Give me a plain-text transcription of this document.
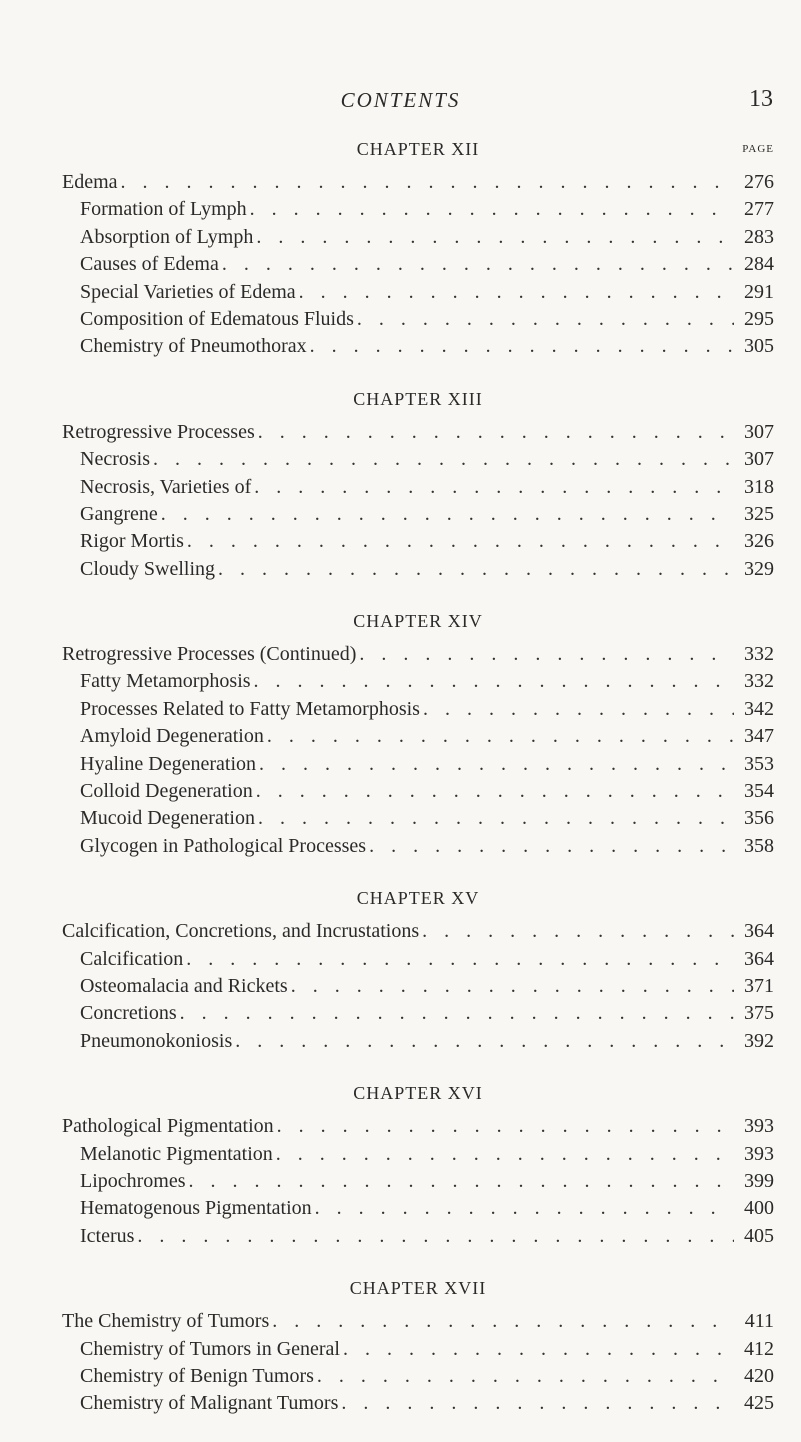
CONTENTS	13
CHAPTER XII	PAGE
Edema . . .	276
Formation of Lymph . . .	277
Absorption of Lymph . . .	283
Causes of Edema . . .	284
Special Varieties of Edema . . .	291
Composition of Edematous Fluids . . .	295
Chemistry of Pneumothorax . . .	305
CHAPTER XIII
Retrogressive Processes . . .	307
Necrosis . . .	307
Necrosis, Varieties of . . .	318
Gangrene . . .	325
Rigor Mortis . . .	326
Cloudy Swelling . . .	329
CHAPTER XIV
Retrogressive Processes (Continued) . . .	332
Fatty Metamorphosis . . .	332
Processes Related to Fatty Metamorphosis . . .	342
Amyloid Degeneration . . .	347
Hyaline Degeneration . . .	353
Colloid Degeneration . . .	354
Mucoid Degeneration . . .	356
Glycogen in Pathological Processes . . .	358
CHAPTER XV
Calcification, Concretions, and Incrustations . . .	364
Calcification . . .	364
Osteomalacia and Rickets . . .	371
Concretions . . .	375
Pneumonokoniosis . . .	392
CHAPTER XVI
Pathological Pigmentation . . .	393
Melanotic Pigmentation . . .	393
Lipochromes . . .	399
Hematogenous Pigmentation . . .	400
Icterus . . .	405
CHAPTER XVII
The Chemistry of Tumors . . .	411
Chemistry of Tumors in General . . .	412
Chemistry of Benign Tumors . . .	420
Chemistry of Malignant Tumors . . .	425
